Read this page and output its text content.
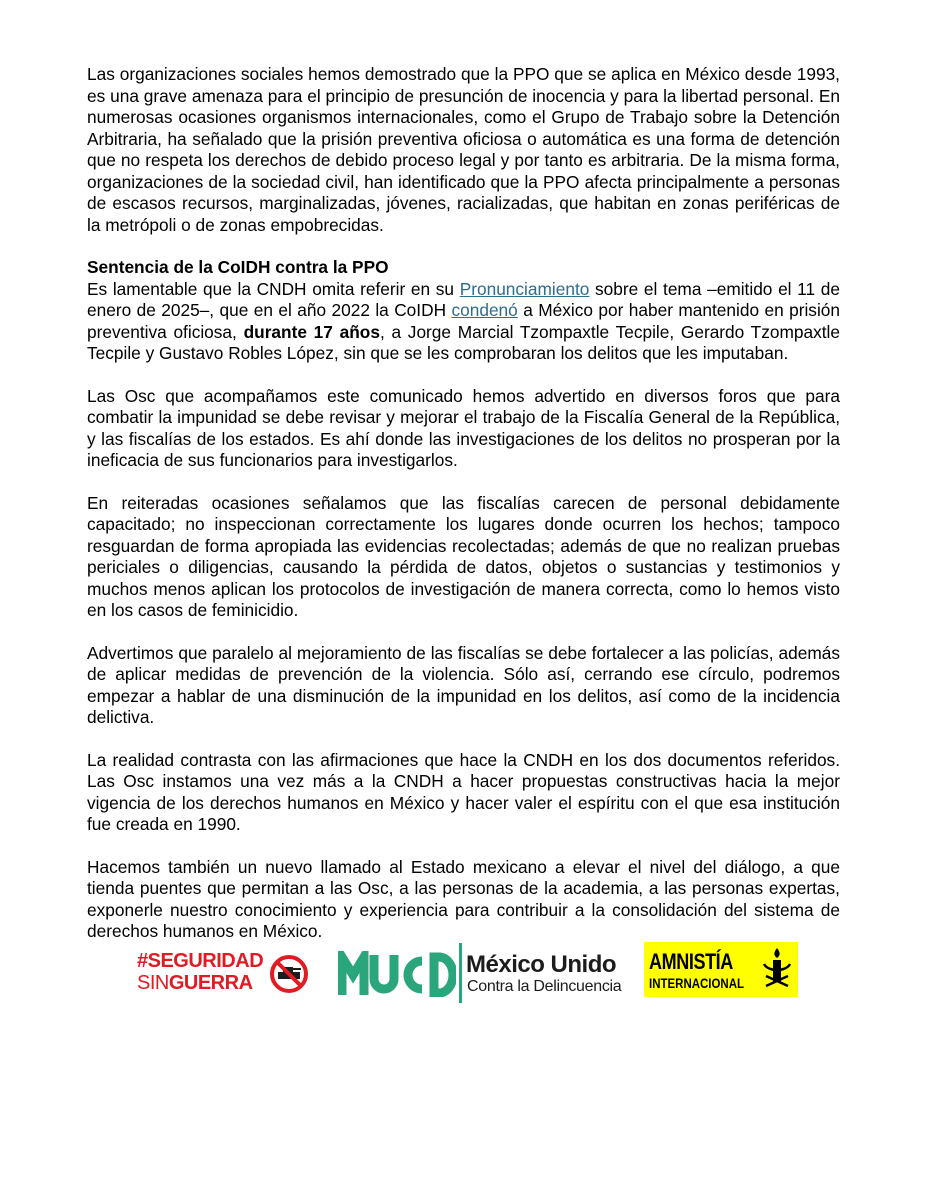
Las organizaciones sociales hemos demostrado que la PPO que se aplica en México desde 1993, es una grave amenaza para el principio de presunción de inocencia y para la libertad personal. En numerosas ocasiones organismos internacionales, como el Grupo de Trabajo sobre la Detención Arbitraria, ha señalado que la prisión preventiva oficiosa o automática es una forma de detención que no respeta los derechos de debido proceso legal y por tanto es arbitraria. De la misma forma, organizaciones de la sociedad civil, han identificado que la PPO afecta principalmente a personas de escasos recursos, marginalizadas, jóvenes, racializadas, que habitan en zonas periféricas de la metrópoli o de zonas empobrecidas.

Sentencia de la CoIDH contra la PPO

Es lamentable que la CNDH omita referir en su Pronunciamiento sobre el tema –emitido el 11 de enero de 2025–, que en el año 2022 la CoIDH condenó a México por haber mantenido en prisión preventiva oficiosa, durante 17 años, a Jorge Marcial Tzompaxtle Tecpile, Gerardo Tzompaxtle Tecpile y Gustavo Robles López, sin que se les comprobaran los delitos que les imputaban.

Las Osc que acompañamos este comunicado hemos advertido en diversos foros que para combatir la impunidad se debe revisar y mejorar el trabajo de la Fiscalía General de la República, y las fiscalías de los estados. Es ahí donde las investigaciones de los delitos no prosperan por la ineficacia de sus funcionarios para investigarlos.

En reiteradas ocasiones señalamos que las fiscalías carecen de personal debidamente capacitado; no inspeccionan correctamente los lugares donde ocurren los hechos; tampoco resguardan de forma apropiada las evidencias recolectadas; además de que no realizan pruebas periciales o diligencias, causando la pérdida de datos, objetos o sustancias y testimonios y muchos menos aplican los protocolos de investigación de manera correcta, como lo hemos visto en los casos de feminicidio.

Advertimos que paralelo al mejoramiento de las fiscalías se debe fortalecer a las policías, además de aplicar medidas de prevención de la violencia. Sólo así, cerrando ese círculo, podremos empezar a hablar de una disminución de la impunidad en los delitos, así como de la incidencia delictiva.

La realidad contrasta con las afirmaciones que hace la CNDH en los dos documentos referidos. Las Osc instamos una vez más a la CNDH a hacer propuestas constructivas hacia la mejor vigencia de los derechos humanos en México y hacer valer el espíritu con el que esa institución fue creada en 1990.

Hacemos también un nuevo llamado al Estado mexicano a elevar el nivel del diálogo, a que tienda puentes que permitan a las Osc, a las personas de la academia, a las personas expertas, exponerle nuestro conocimiento y experiencia para contribuir a la consolidación del sistema de derechos humanos en México.

#SEGURIDAD
SINGUERRA
México Unido
Contra la Delincuencia
AMNISTÍA
INTERNACIONAL
